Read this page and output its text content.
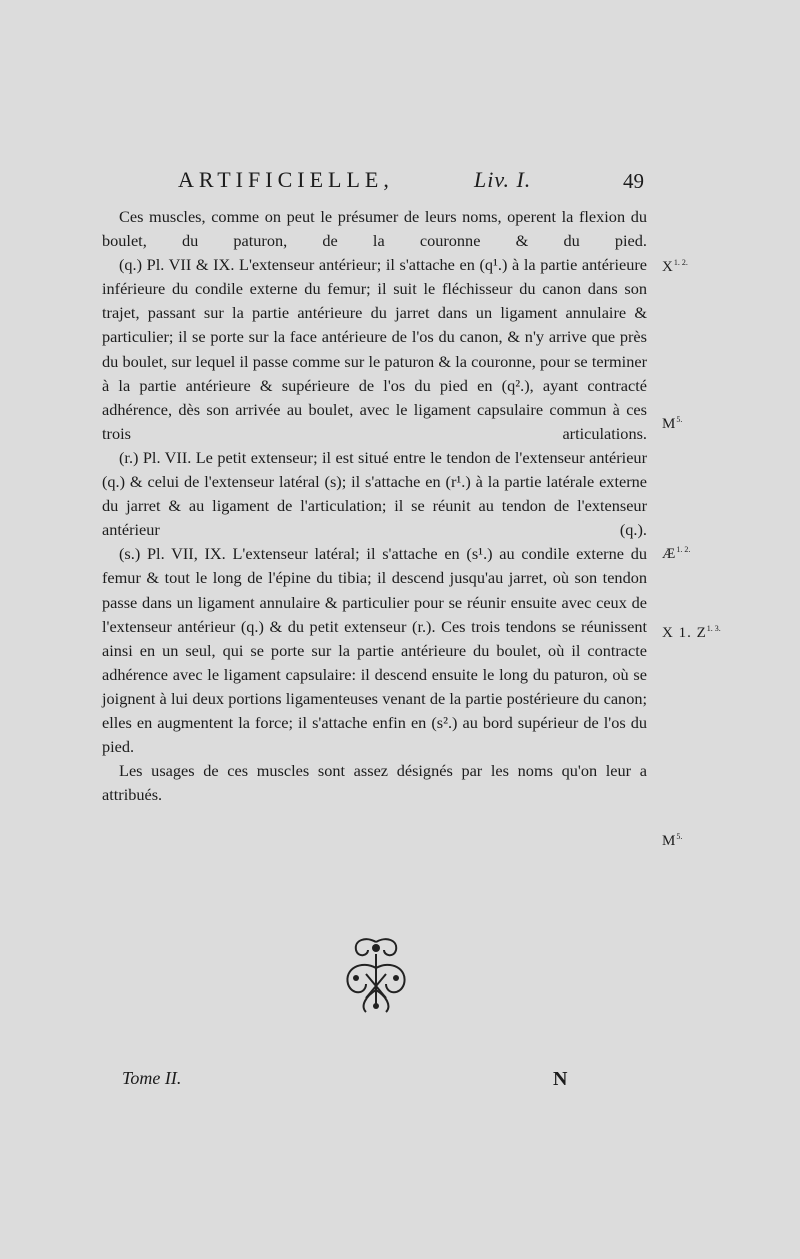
ARTIFICIELLE,	Liv. I.	49

Ces muscles, comme on peut le présumer de leurs noms, operent la flexion du boulet, du paturon, de la couronne & du pied.

(q.) Pl. VII & IX. L'extenseur antérieur; il s'attache en (q¹.) à la partie antérieure inférieure du condile externe du femur; il suit le fléchisseur du canon dans son trajet, passant sur la partie antérieure du jarret dans un ligament annulaire & particulier; il se porte sur la face antérieure de l'os du canon, & n'y arrive que près du boulet, sur lequel il passe comme sur le paturon & la couronne, pour se terminer à la partie antérieure & supérieure de l'os du pied en (q².), ayant contracté adhérence, dès son arrivée au boulet, avec le ligament capsulaire commun à ces trois articulations.

(r.) Pl. VII. Le petit extenseur; il est situé entre le tendon de l'extenseur antérieur (q.) & celui de l'extenseur latéral (s); il s'attache en (r¹.) à la partie latérale externe du jarret & au ligament de l'articulation; il se réunit au tendon de l'extenseur antérieur (q.).

(s.) Pl. VII, IX. L'extenseur latéral; il s'attache en (s¹.) au condile externe du femur & tout le long de l'épine du tibia; il descend jusqu'au jarret, où son tendon passe dans un ligament annulaire & particulier pour se réunir ensuite avec ceux de l'extenseur antérieur (q.) & du petit extenseur (r.). Ces trois tendons se réunissent ainsi en un seul, qui se porte sur la partie antérieure du boulet, où il contracte adhérence avec le ligament capsulaire: il descend ensuite le long du paturon, où se joignent à lui deux portions ligamenteuses venant de la partie postérieure du canon; elles en augmentent la force; il s'attache enfin en (s².) au bord supérieur de l'os du pied.

Les usages de ces muscles sont assez désignés par les noms qu'on leur a attribués.

$X^{1. 2.}$
$M^{5.}$
$Æ^{1. 2.}$
X 1. $Z^{1. 3.}$
$M^{5.}$
Tome II.	N
